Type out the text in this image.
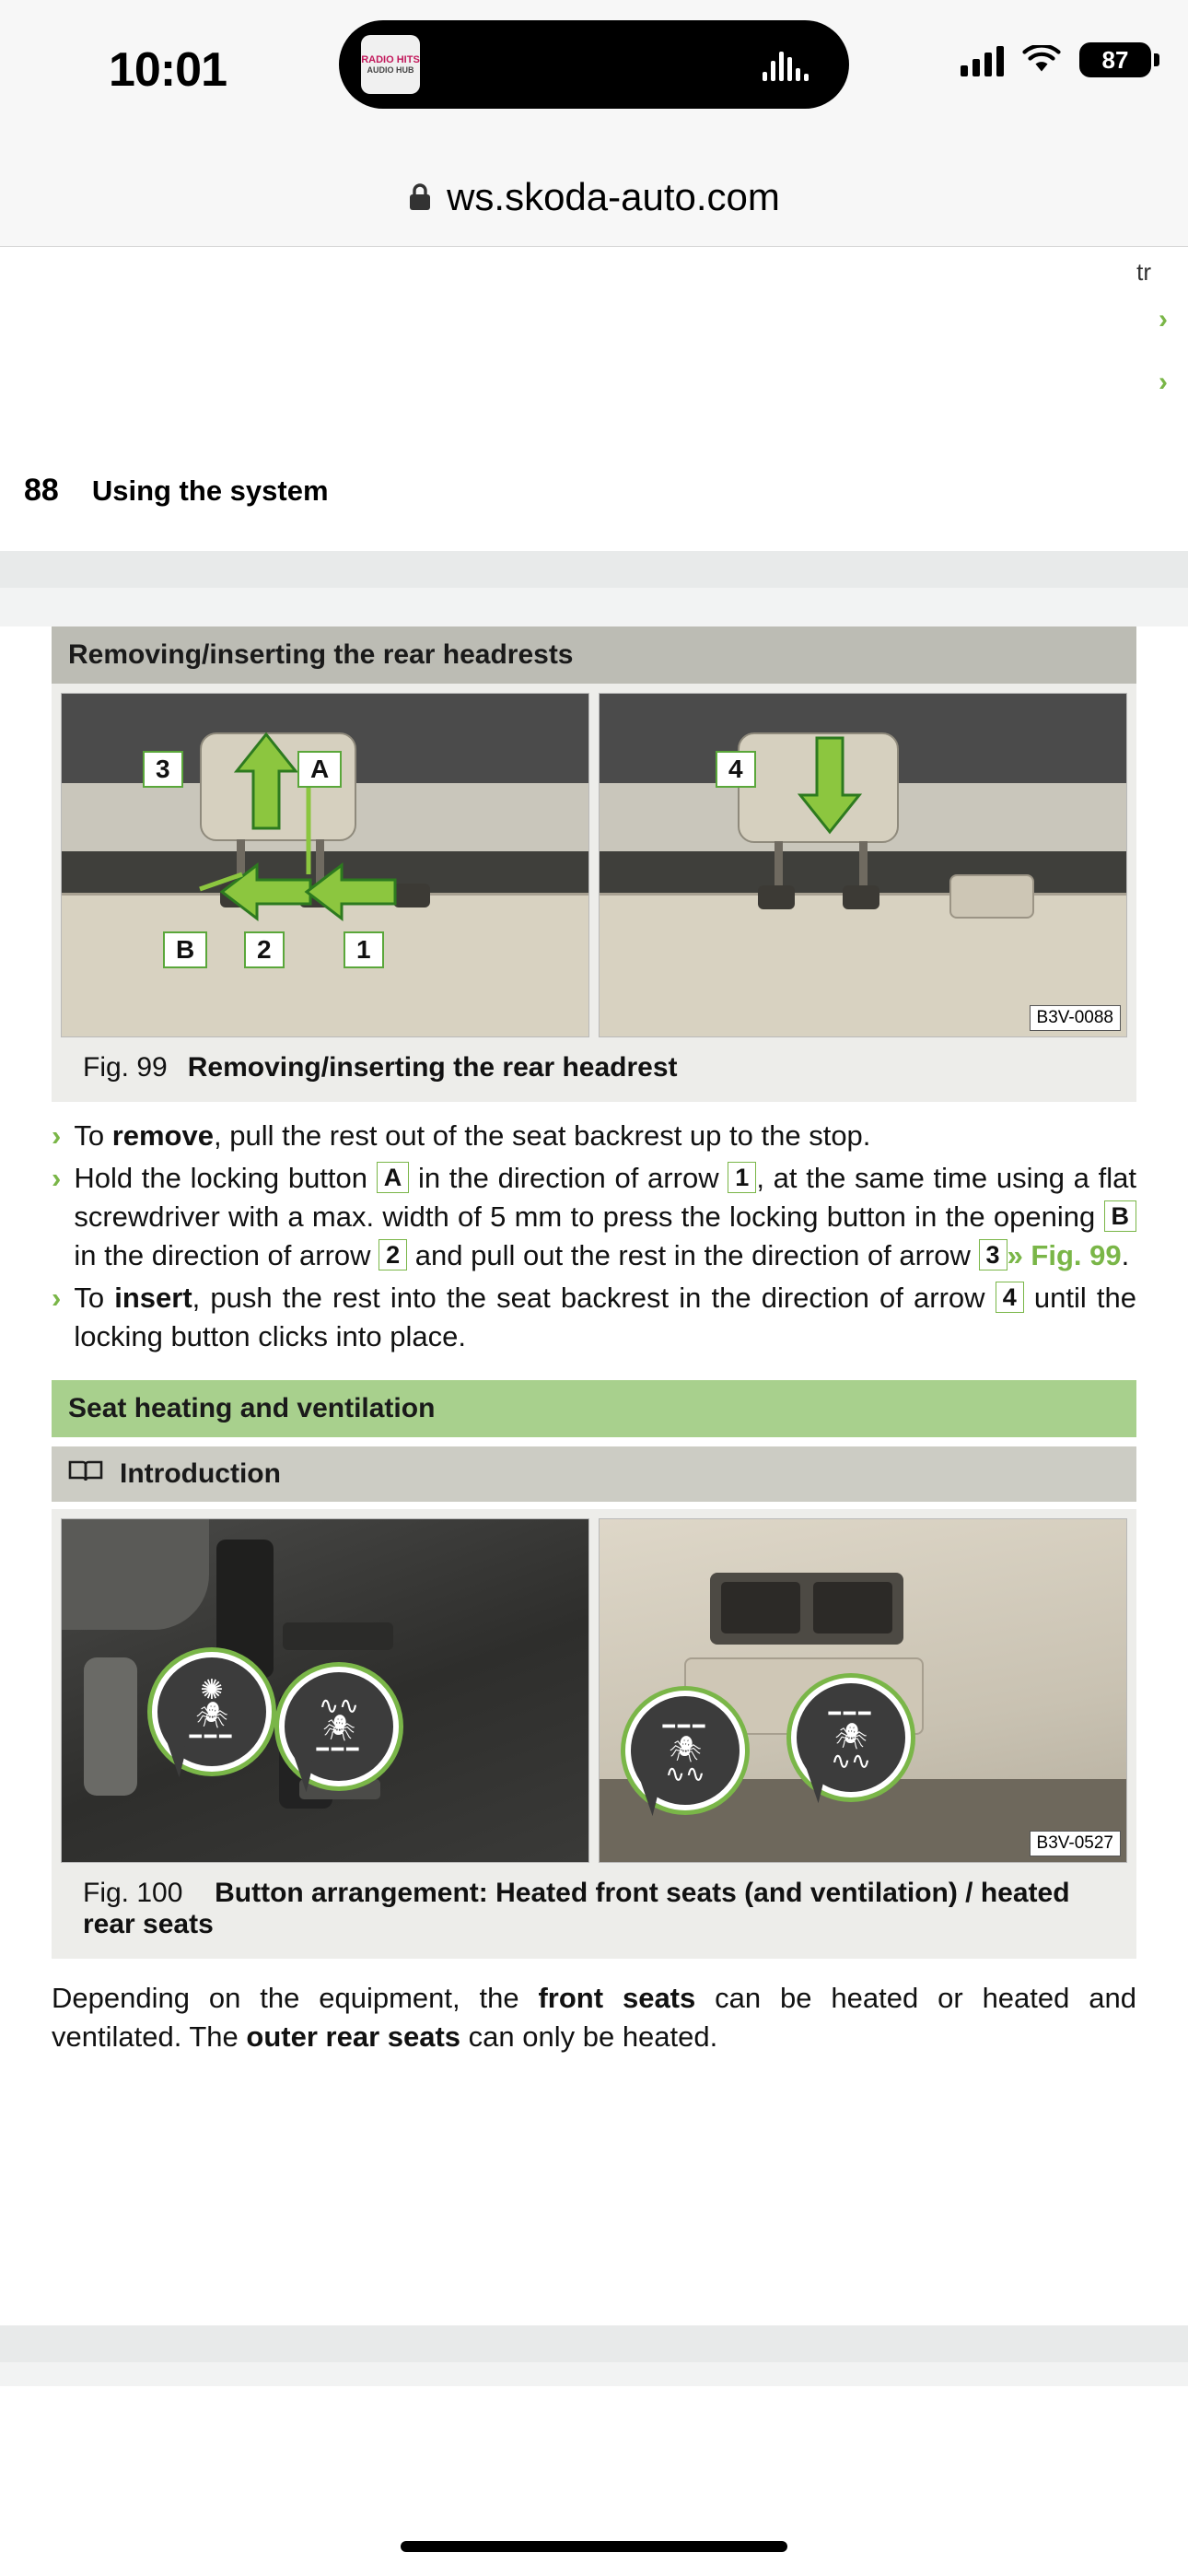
10:01	RADIO HITS
AUDIO HUB	87
ws.skoda-auto.com
tr
›
›
88 Using the system
Removing/inserting the rear headrests
3	A
B	2	1
4
B3V-0088
Fig. 99 Removing/inserting the rear headrest
› To remove, pull the rest out of the seat backrest up to the stop.
› Hold the locking button A in the direction of arrow 1 , at the same time using a flat screwdriver with a max. width of 5 mm to press the locking button in the opening B in the direction of arrow 2 and pull out the rest in the direction of arrow 3 » Fig. 99.
› To insert, push the rest into the seat backrest in the direction of arrow 4 until the locking button clicks into place.
Seat heating and ventilation
Introduction
✺
🕷
━━━
∿∿
🕷
━━━
━━━
🕷
∿∿
━━━
🕷
∿∿
B3V-0527
Fig. 100 Button arrangement: Heated front seats (and ventilation) / heated rear seats
Depending on the equipment, the front seats can be heated or heated and ventilated. The outer rear seats can only be heated.
